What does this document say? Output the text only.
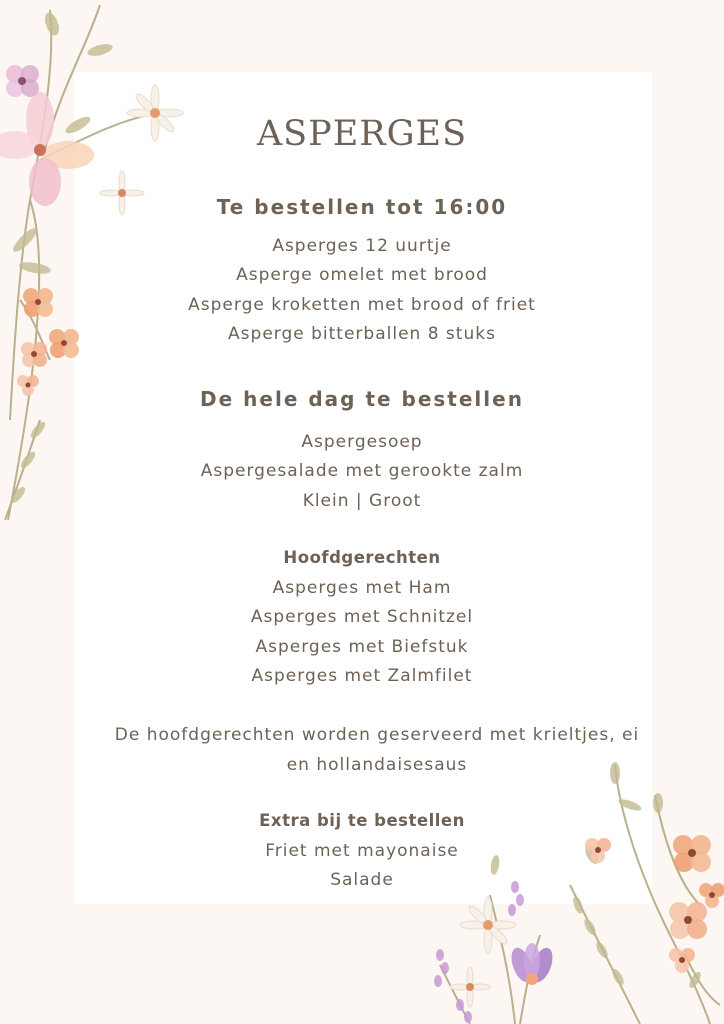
ASPERGES
Te bestellen tot 16:00
Asperges 12 uurtje
Asperge omelet met brood
Asperge kroketten met brood of friet
Asperge bitterballen 8 stuks
De hele dag te bestellen
Aspergesoep
Aspergesalade met gerookte zalm
Klein | Groot
Hoofdgerechten
Asperges met Ham
Asperges met Schnitzel
Asperges met Biefstuk
Asperges met Zalmfilet

De hoofdgerechten worden geserveerd met krieltjes, ei en hollandaisesaus

Extra bij te bestellen
Friet met mayonaise
Salade
